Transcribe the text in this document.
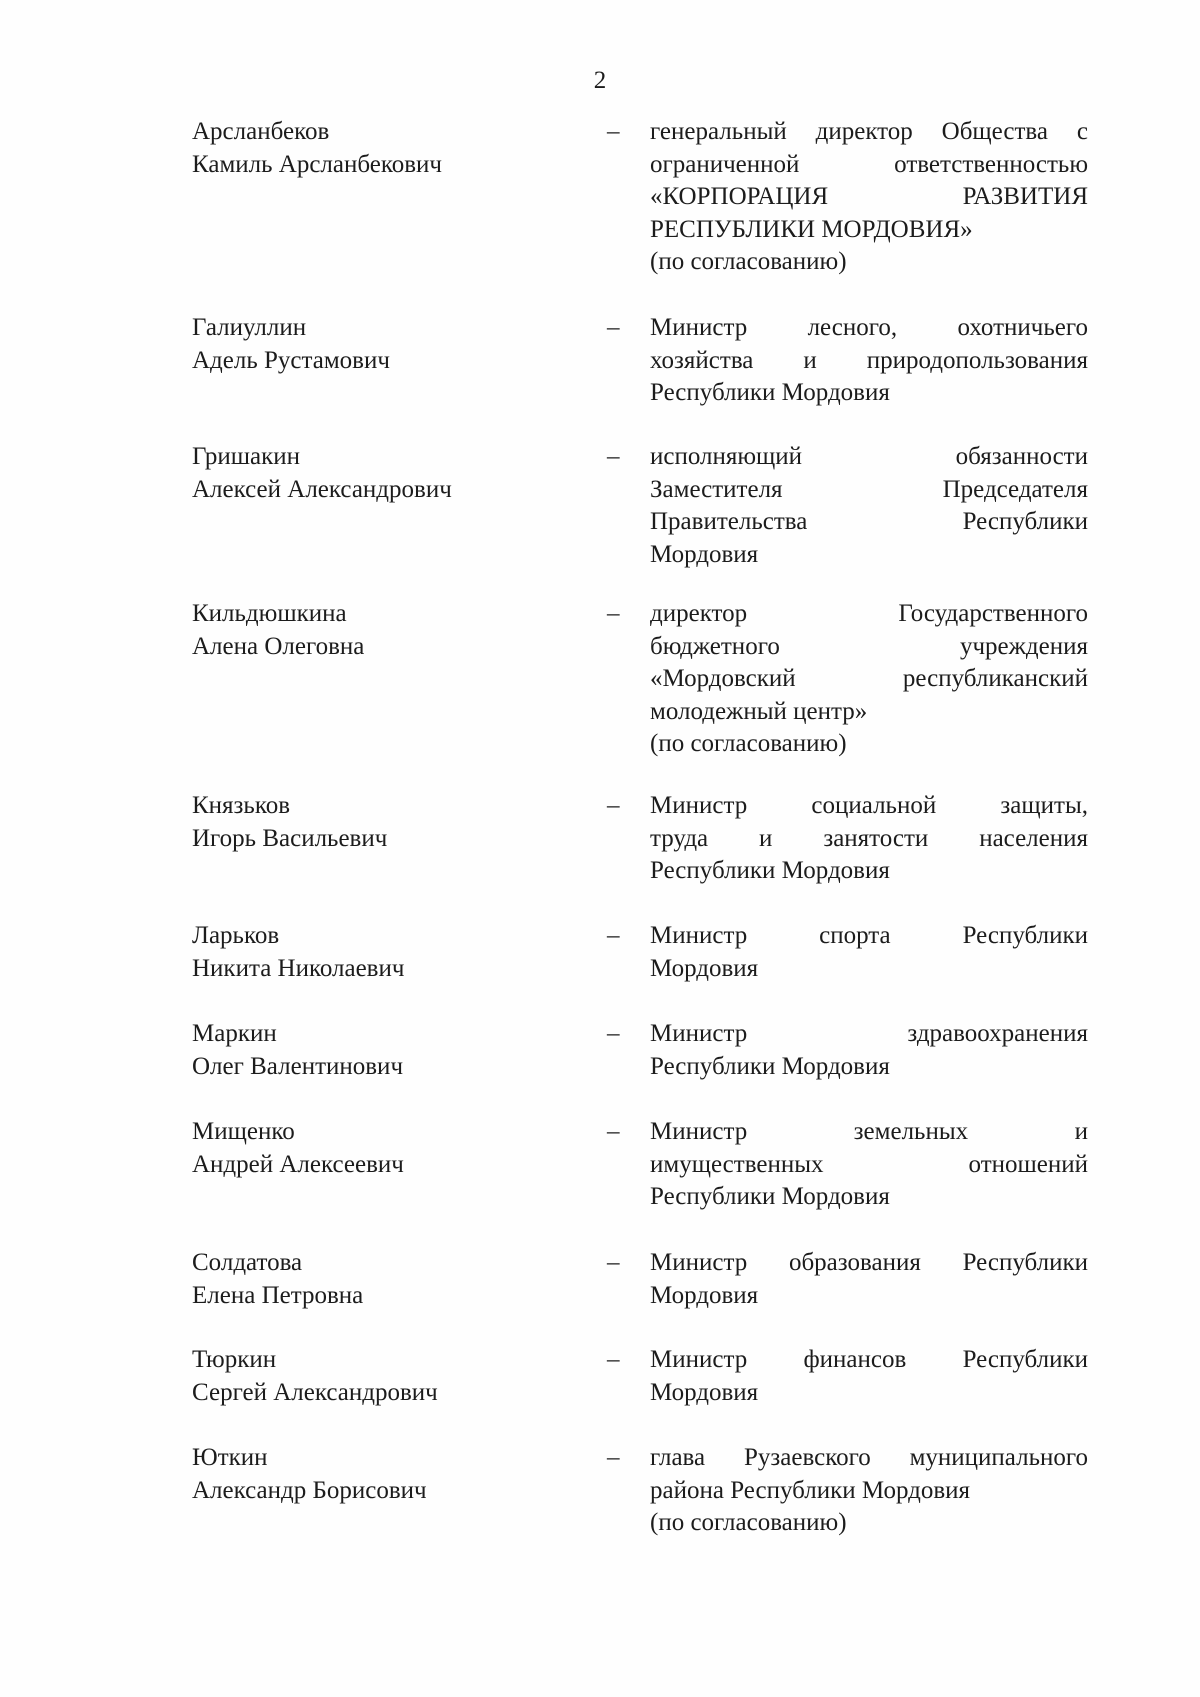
2
Арсланбеков
Камиль Арсланбекович
– генеральный директор Общества с
ограниченной ответственностью
«КОРПОРАЦИЯ РАЗВИТИЯ
РЕСПУБЛИКИ МОРДОВИЯ»
(по согласованию)
Галиуллин
Адель Рустамович
– Министр лесного, охотничьего
хозяйства и природопользования
Республики Мордовия
Гришакин
Алексей Александрович
– исполняющий обязанности
Заместителя Председателя
Правительства Республики
Мордовия
Кильдюшкина
Алена Олеговна
– директор Государственного
бюджетного учреждения
«Мордовский республиканский
молодежный центр»
(по согласованию)
Князьков
Игорь Васильевич
– Министр социальной защиты,
труда и занятости населения
Республики Мордовия
Ларьков
Никита Николаевич
– Министр спорта Республики
Мордовия
Маркин
Олег Валентинович
– Министр здравоохранения
Республики Мордовия
Мищенко
Андрей Алексеевич
– Министр земельных и
имущественных отношений
Республики Мордовия
Солдатова
Елена Петровна
– Министр образования Республики
Мордовия
Тюркин
Сергей Александрович
– Министр финансов Республики
Мордовия
Юткин
Александр Борисович
– глава Рузаевского муниципального
района Республики Мордовия
(по согласованию)
